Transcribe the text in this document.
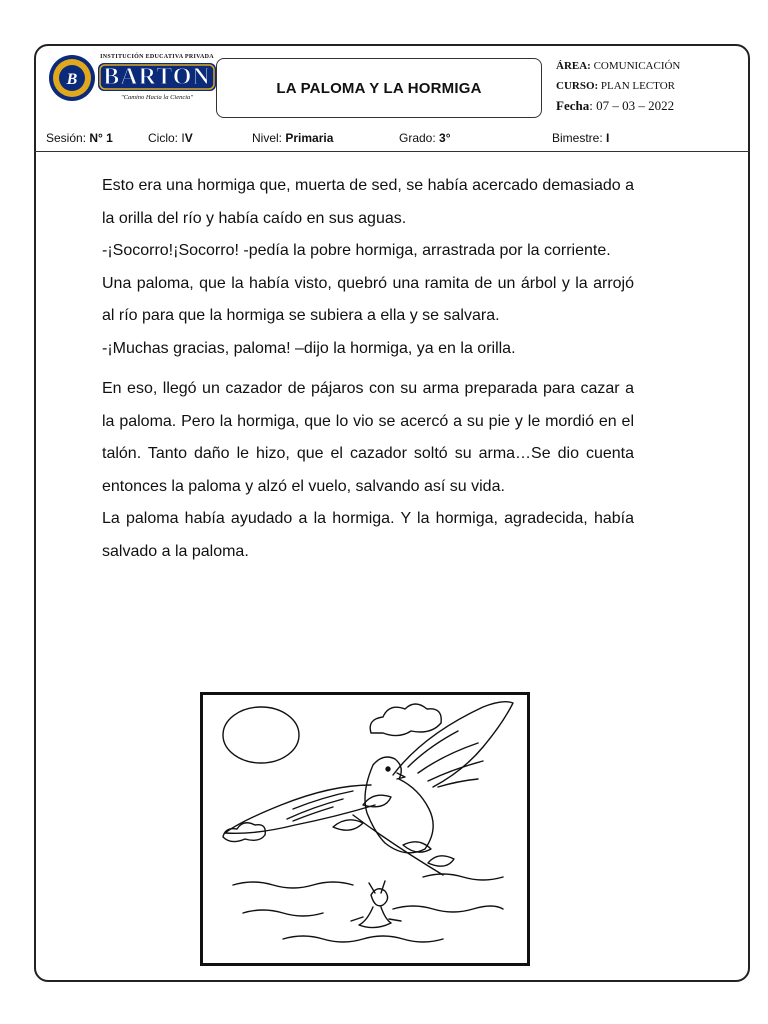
B
INSTITUCIÓN EDUCATIVA PRIVADA
BARTON
"Camino Hacia la Ciencia"
LA PALOMA Y LA HORMIGA
ÁREA: COMUNICACIÓN
CURSO: PLAN LECTOR
Fecha: 07 – 03 – 2022
Sesión: N° 1	Ciclo: IV	Nivel: Primaria	Grado: 3°	Bimestre: I

Esto era una hormiga que, muerta de sed, se había acercado demasiado a la orilla del río y había caído en sus aguas.

-¡Socorro!¡Socorro! -pedía la pobre hormiga, arrastrada por la corriente.

Una paloma, que la había visto, quebró una ramita de un árbol y la arrojó al río para que la hormiga se subiera a ella y se salvara.

-¡Muchas gracias, paloma! –dijo la hormiga, ya en la orilla.

En eso, llegó un cazador de pájaros con su arma preparada para cazar a la paloma. Pero la hormiga, que lo vio se acercó a su pie y le mordió en el talón. Tanto daño le hizo, que el cazador soltó su arma…Se dio cuenta entonces la paloma y alzó el vuelo, salvando así su vida.

La paloma había ayudado a la hormiga. Y la hormiga, agradecida, había salvado a la paloma.
